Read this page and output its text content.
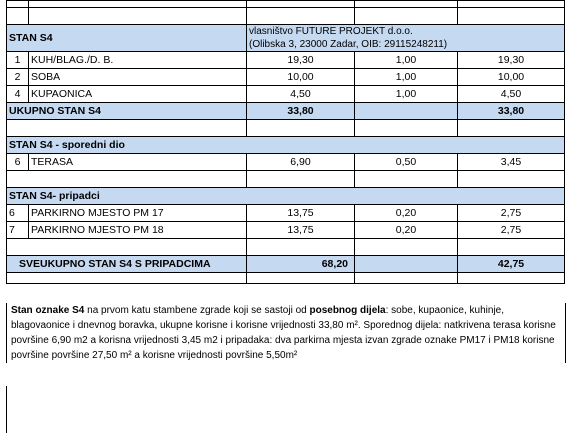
STAN S4		vlasništvo FUTURE PROJEKT d.o.o.
(Olibska 3, 23000 Zadar, OIB: 29115248211)		

1	KUH/BLAG./D. B.	19,30	1,00	19,30
2	SOBA	10,00	1,00	10,00
4	KUPAONICA	4,50	1,00	4,50
UKUPNO STAN S4		33,80		33,80

STAN S4 - sporedni dio				
6	TERASA	6,90	0,50	3,45

STAN S4- pripadci				
6	PARKIRNO MJESTO PM 17	13,75	0,20	2,75
7	PARKIRNO MJESTO PM 18	13,75	0,20	2,75

SVEUKUPNO STAN S4 S PRIPADCIMA		68,20		42,75

Stan oznake S4 na prvom katu stambene zgrade koji se sastoji od posebnog dijela: sobe, kupaonice, kuhinje, blagovaonice i dnevnog boravka, ukupne korisne i korisne vrijednosti 33,80 m². Sporednog dijela: natkrivena terasa korisne površine 6,90 m2 a korisna vrijednosti 3,45 m2 i pripadaka: dva parkirna mjesta izvan zgrade oznake PM17 i PM18 korisne površine površine 27,50 m² a korisne vrijednosti površine 5,50m²
